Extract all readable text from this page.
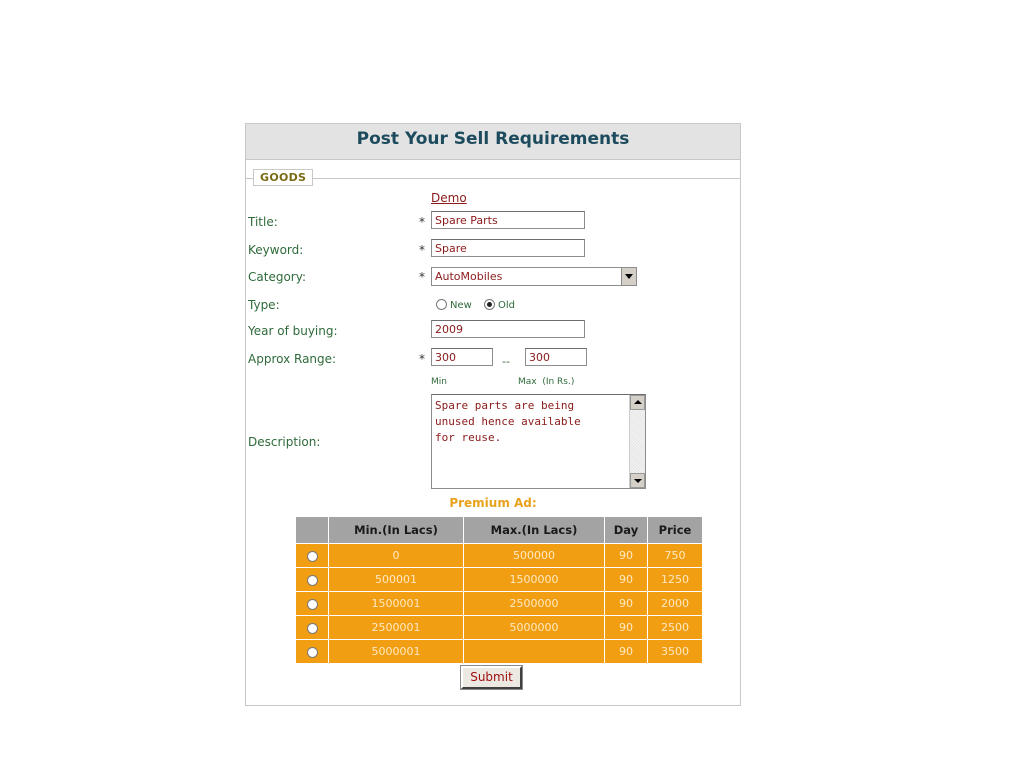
Post Your Sell Requirements
GOODS
Demo
Title:	*
Spare Parts
Keyword:	*
Spare
Category:	* AutoMobiles
Type:	New	Old
Year of buying:
2009
Approx Range:	*
300	--
300
Min	Max  (In Rs.)
Description:
Spare parts are being
unused hence available
for reuse.
Premium Ad:
	Min.(In Lacs)	Max.(In Lacs)	Day	Price
	0	500000	90	750
	500001	1500000	90	1250
	1500001	2500000	90	2000
	2500001	5000000	90	2500
	5000001		90	3500
Submit
